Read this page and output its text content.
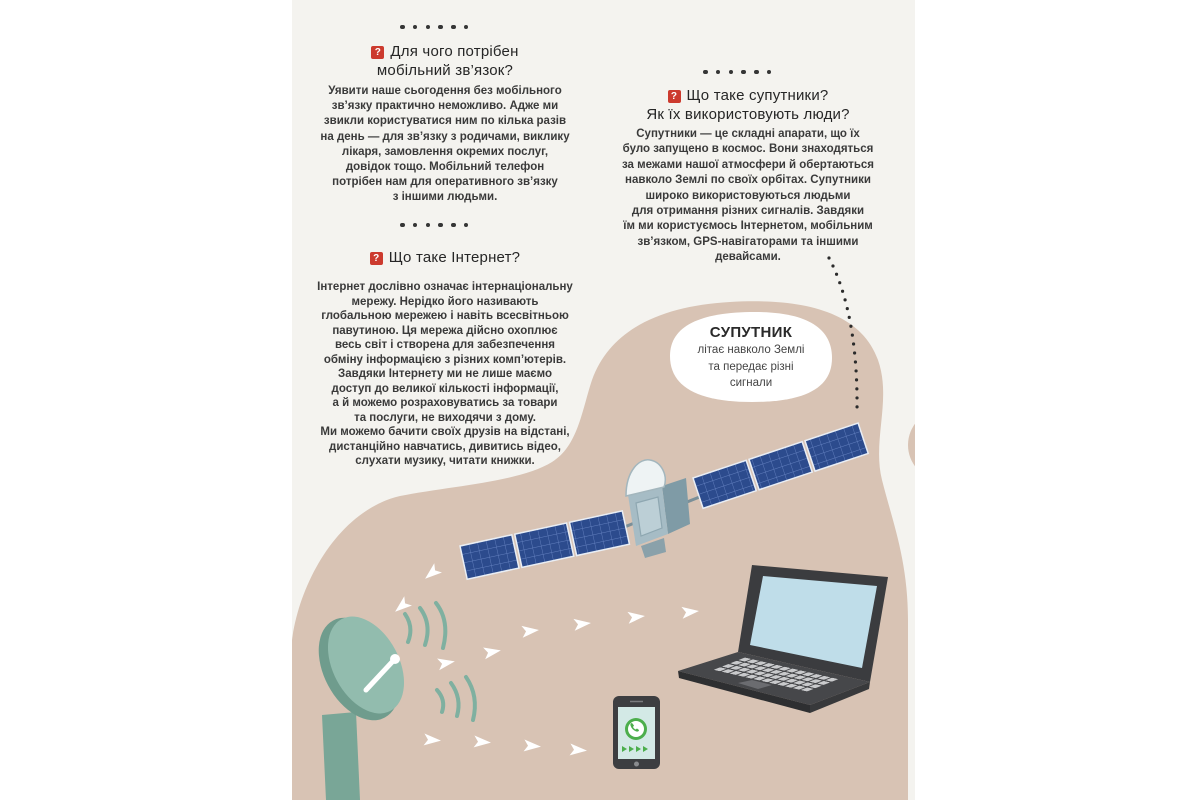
? Для чого потрібен
мобільний зв’язок?
Уявити наше сьогодення без мобільного
зв’язку практично неможливо. Адже ми
звикли користуватися ним по кілька разів
на день — для зв’язку з родичами, виклику
лікаря, замовлення окремих послуг,
довідок тощо. Мобільний телефон
потрібен нам для оперативного зв’язку
з іншими людьми.
? Що таке Інтернет?
Інтернет дослівно означає інтернаціональну
мережу. Нерідко його називають
глобальною мережею і навіть всесвітньою
павутиною. Ця мережа дійсно охоплює
весь світ і створена для забезпечення
обміну інформацією з різних комп’ютерів.
Завдяки Інтернету ми не лише маємо
доступ до великої кількості інформації,
а й можемо розраховуватись за товари
та послуги, не виходячи з дому.
Ми можемо бачити своїх друзів на відстані,
дистанційно навчатись, дивитись відео,
слухати музику, читати книжки.
? Що таке супутники?
Як їх використовують люди?
Супутники — це складні апарати, що їх
було запущено в космос. Вони знаходяться
за межами нашої атмосфери й обертаються
навколо Землі по своїх орбітах. Супутники
широко використовуються людьми
для отримання різних сигналів. Завдяки
їм ми користуємось Інтернетом, мобільним
зв’язком, GPS-навігаторами та іншими
девайсами.
СУПУТНИК
літає навколо Землі
та передає різні
сигнали
